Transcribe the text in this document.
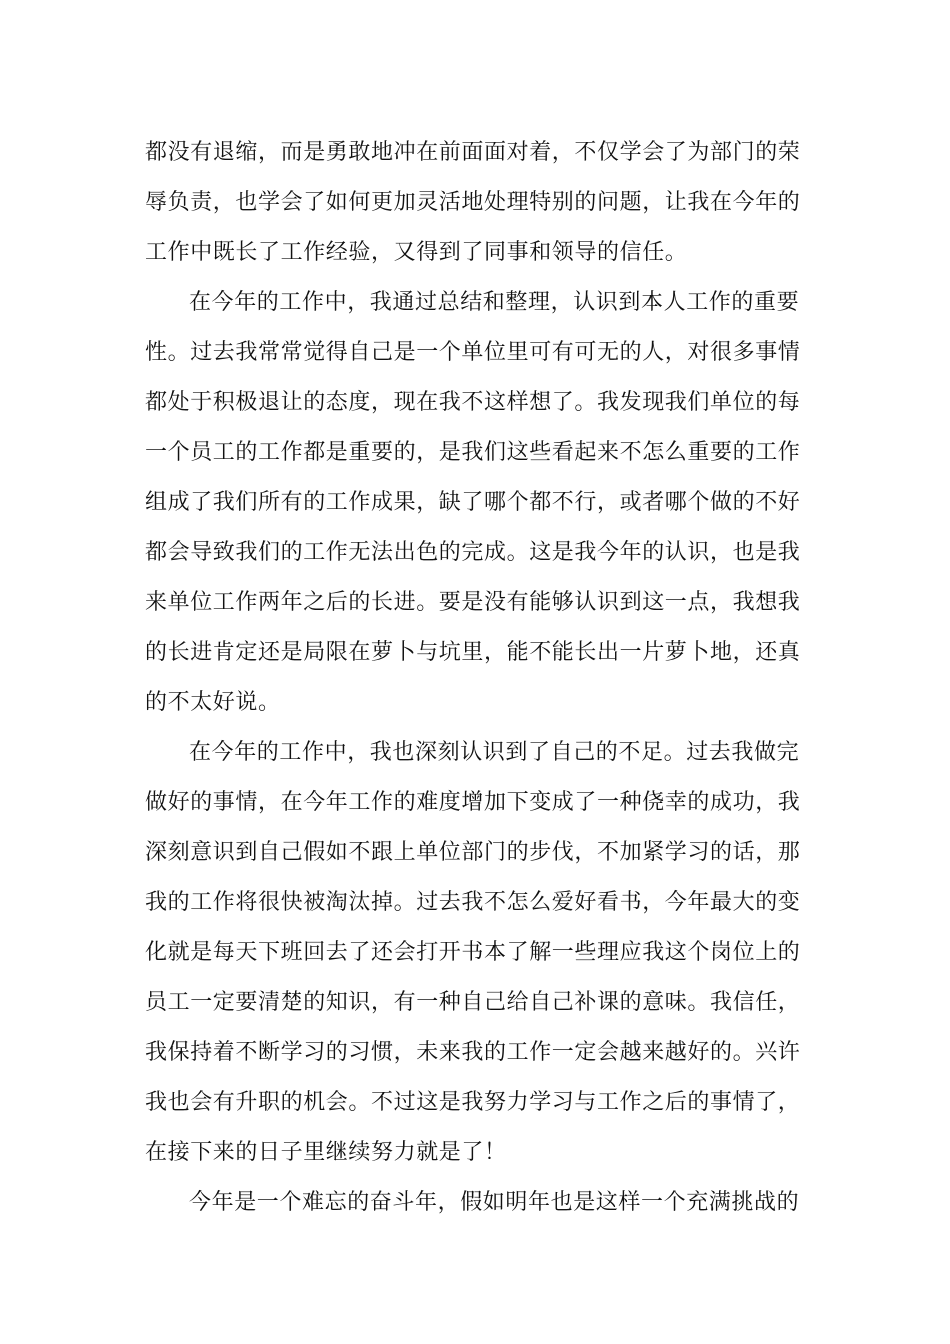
都没有退缩，而是勇敢地冲在前面面对着，不仅学会了为部门的荣
辱负责，也学会了如何更加灵活地处理特别的问题，让我在今年的
工作中既长了工作经验，又得到了同事和领导的信任。
在今年的工作中，我通过总结和整理，认识到本人工作的重要
性。过去我常常觉得自己是一个单位里可有可无的人，对很多事情
都处于积极退让的态度，现在我不这样想了。我发现我们单位的每
一个员工的工作都是重要的，是我们这些看起来不怎么重要的工作
组成了我们所有的工作成果，缺了哪个都不行，或者哪个做的不好
都会导致我们的工作无法出色的完成。这是我今年的认识，也是我
来单位工作两年之后的长进。要是没有能够认识到这一点，我想我
的长进肯定还是局限在萝卜与坑里，能不能长出一片萝卜地，还真
的不太好说。
在今年的工作中，我也深刻认识到了自己的不足。过去我做完
做好的事情，在今年工作的难度增加下变成了一种侥幸的成功，我
深刻意识到自己假如不跟上单位部门的步伐，不加紧学习的话，那
我的工作将很快被淘汰掉。过去我不怎么爱好看书，今年最大的变
化就是每天下班回去了还会打开书本了解一些理应我这个岗位上的
员工一定要清楚的知识，有一种自己给自己补课的意味。我信任，
我保持着不断学习的习惯，未来我的工作一定会越来越好的。兴许
我也会有升职的机会。不过这是我努力学习与工作之后的事情了，
在接下来的日子里继续努力就是了！
今年是一个难忘的奋斗年，假如明年也是这样一个充满挑战的
